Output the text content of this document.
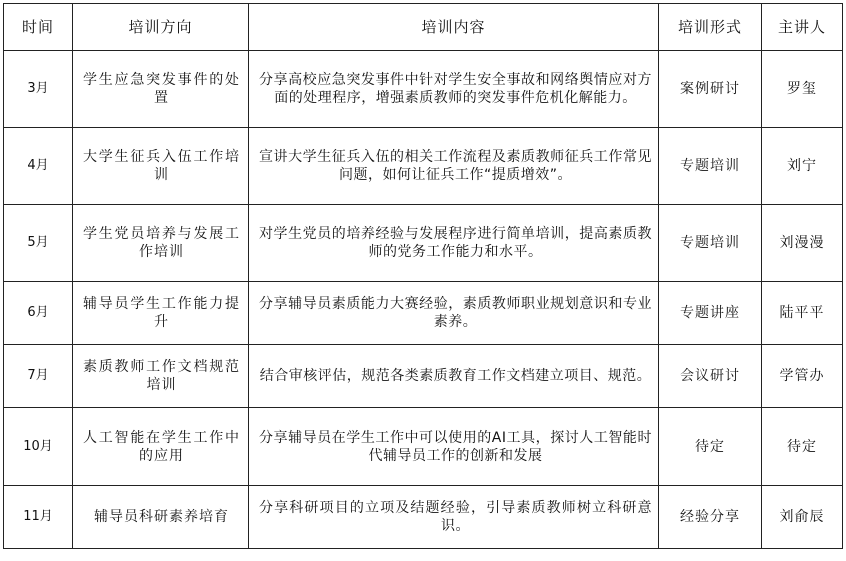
时间	培训方向	培训内容	培训形式	主讲人
3月	学生应急突发事件的处置	分享高校应急突发事件中针对学生安全事故和网络舆情应对方面的处理程序，增强素质教师的突发事件危机化解能力。	案例研讨	罗玺
4月	大学生征兵入伍工作培训	宣讲大学生征兵入伍的相关工作流程及素质教师征兵工作常见问题，如何让征兵工作“提质增效”。	专题培训	刘宁
5月	学生党员培养与发展工作培训	对学生党员的培养经验与发展程序进行简单培训，提高素质教师的党务工作能力和水平。	专题培训	刘漫漫
6月	辅导员学生工作能力提升	分享辅导员素质能力大赛经验，素质教师职业规划意识和专业素养。	专题讲座	陆平平
7月	素质教师工作文档规范培训	结合审核评估，规范各类素质教育工作文档建立项目、规范。	会议研讨	学管办
10月	人工智能在学生工作中的应用	分享辅导员在学生工作中可以使用的AI工具，探讨人工智能时代辅导员工作的创新和发展	待定	待定
11月	辅导员科研素养培育	分享科研项目的立项及结题经验，引导素质教师树立科研意识。	经验分享	刘俞辰
